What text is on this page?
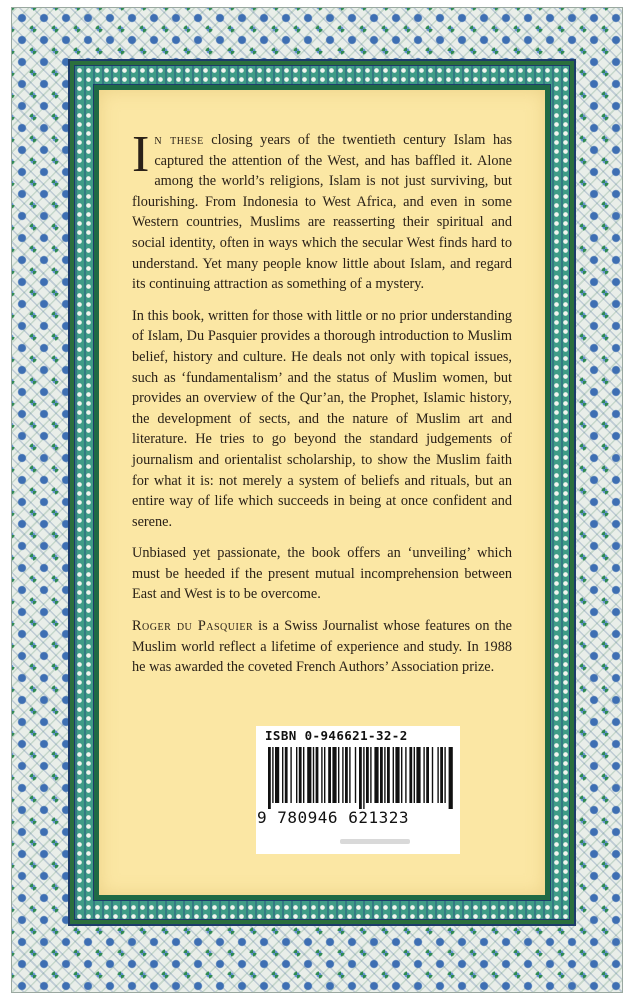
In these closing years of the twentieth century Islam has captured the attention of the West, and has baffled it. Alone among the world’s religions, Islam is not just surviving, but flourishing. From Indonesia to West Africa, and even in some Western countries, Muslims are reasserting their spiritual and social identity, often in ways which the secular West finds hard to understand. Yet many people know little about Islam, and regard its continuing attraction as something of a mystery.

In this book, written for those with little or no prior understanding of Islam, Du Pasquier provides a thorough introduction to Muslim belief, history and culture. He deals not only with topical issues, such as ‘fundamentalism’ and the status of Muslim women, but provides an overview of the Qur’an, the Prophet, Islamic history, the development of sects, and the nature of Muslim art and literature. He tries to go beyond the standard judgements of journalism and orientalist scholarship, to show the Muslim faith for what it is: not merely a system of beliefs and rituals, but an entire way of life which succeeds in being at once confident and serene.

Unbiased yet passionate, the book offers an ‘unveiling’ which must be heeded if the present mutual incomprehension between East and West is to be overcome.

Roger du Pasquier is a Swiss Journalist whose features on the Muslim world reflect a lifetime of experience and study. In 1988 he was awarded the coveted French Authors’ Association prize.

ISBN 0-946621-32-2
9 780946 621323
